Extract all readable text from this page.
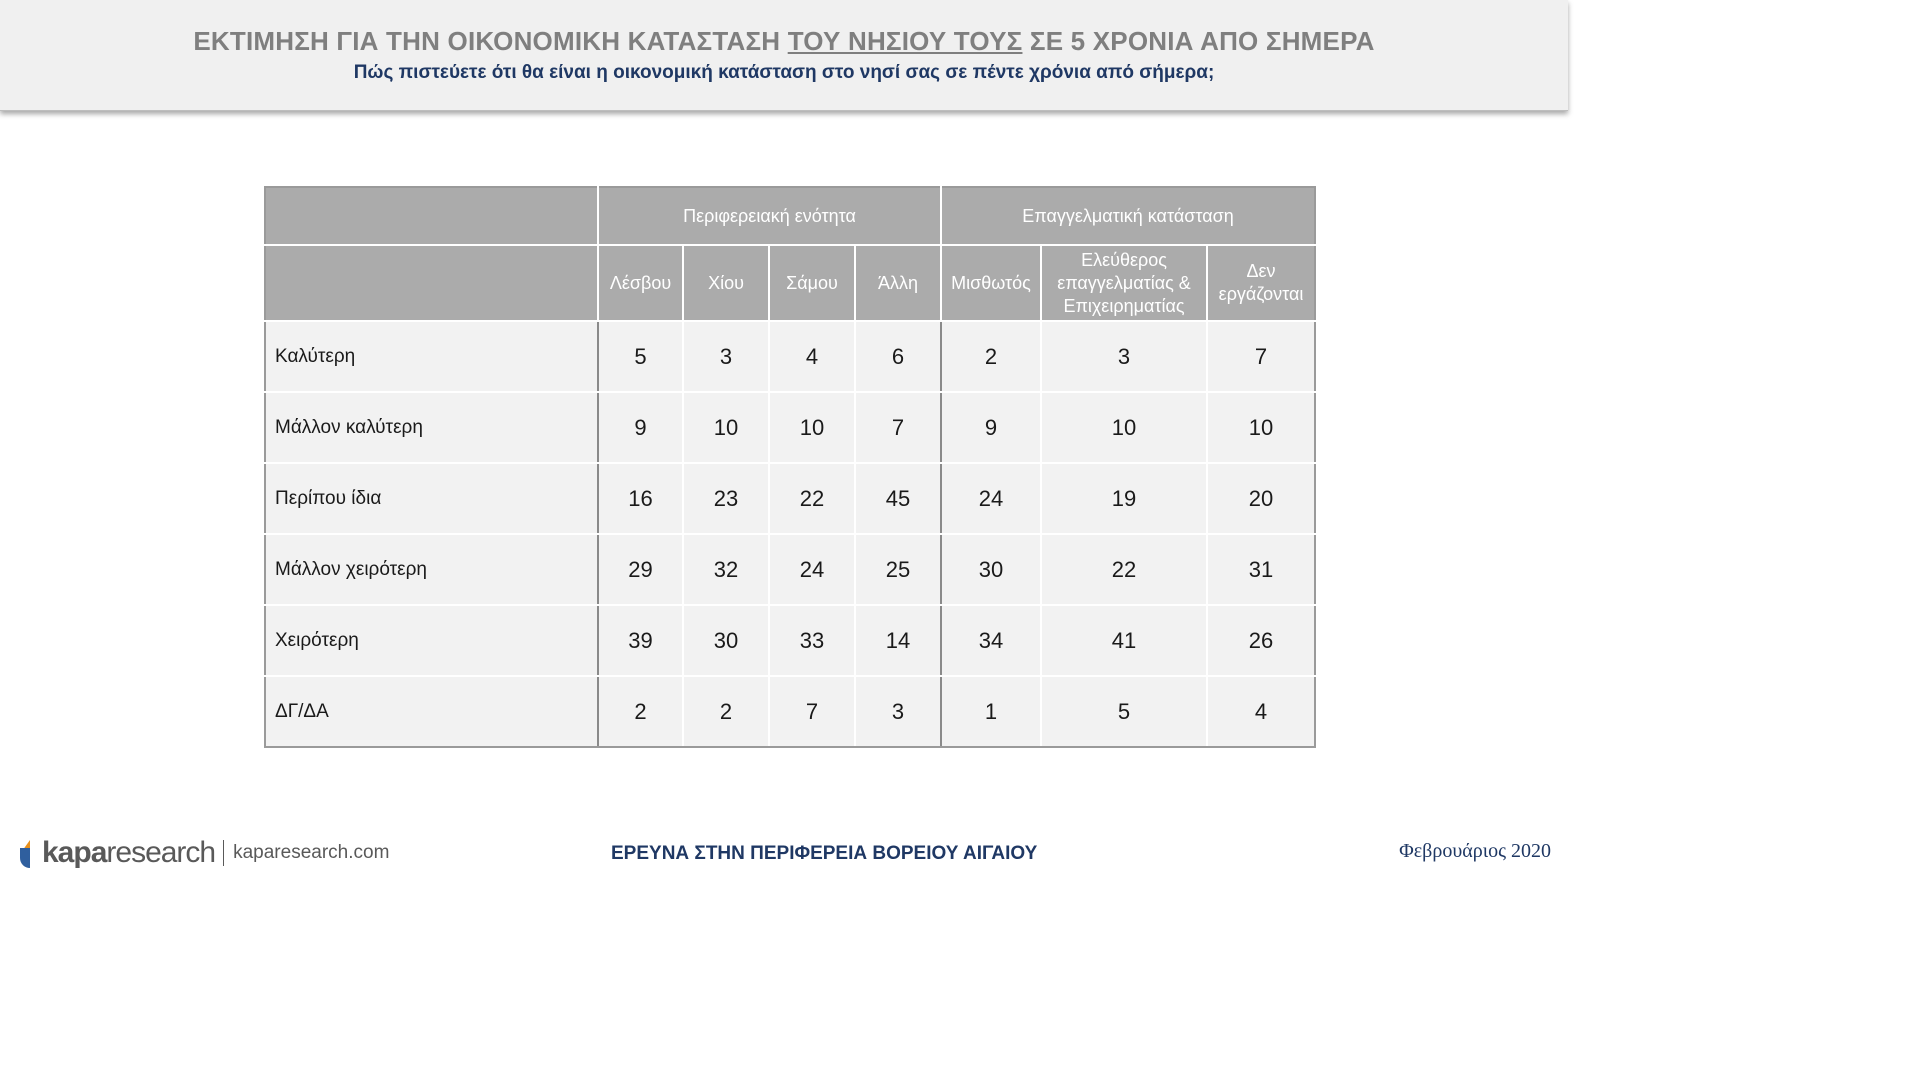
ΕΚΤΙΜΗΣΗ ΓΙΑ ΤΗΝ ΟΙΚΟΝΟΜΙΚΗ ΚΑΤΑΣΤΑΣΗ ΤΟΥ ΝΗΣΙΟΥ ΤΟΥΣ ΣΕ 5 ΧΡΟΝΙΑ ΑΠΟ ΣΗΜΕΡΑ
Πώς πιστεύετε ότι θα είναι η οικονομική κατάσταση στο νησί σας σε πέντε χρόνια από σήμερα;
	Περιφερειακή ενότητα				Επαγγελματική κατάσταση		
	Λέσβου	Χίου	Σάμου	Άλλη	Μισθωτός	Ελεύθερος επαγγελματίας & Επιχειρηματίας	Δεν εργάζονται
Καλύτερη	5	3	4	6	2	3	7
Μάλλον καλύτερη	9	10	10	7	9	10	10
Περίπου ίδια	16	23	22	45	24	19	20
Μάλλον χειρότερη	29	32	24	25	30	22	31
Χειρότερη	39	30	33	14	34	41	26
ΔΓ/ΔΑ	2	2	7	3	1	5	4
kapa research kaparesearch.com	ΕΡΕΥΝΑ ΣΤΗΝ ΠΕΡΙΦΕΡΕΙΑ ΒΟΡΕΙΟΥ ΑΙΓΑΙΟΥ	Φεβρουάριος 2020
